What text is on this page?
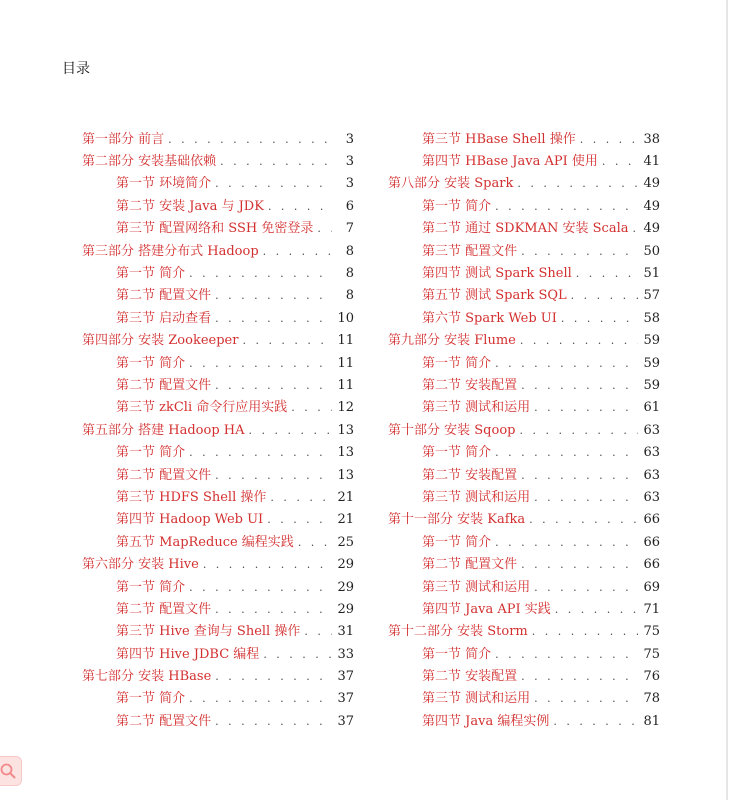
目录
第一部分 前言 . . .	3
第二部分 安装基础依赖 . . .	3
第一节 环境简介 . . .	3
第二节 安装 Java 与 JDK . . .	6
第三节 配置网络和 SSH 免密登录 . . .	7
第三部分 搭建分布式 Hadoop . . .	8
第一节 简介 . . .	8
第二节 配置文件 . . .	8
第三节 启动查看 . . .	10
第四部分 安装 Zookeeper . . .	11
第一节 简介 . . .	11
第二节 配置文件 . . .	11
第三节 zkCli 命令行应用实践 . . .	12
第五部分 搭建 Hadoop HA . . .	13
第一节 简介 . . .	13
第二节 配置文件 . . .	13
第三节 HDFS Shell 操作 . . .	21
第四节 Hadoop Web UI . . .	21
第五节 MapReduce 编程实践 . . .	25
第六部分 安装 Hive . . .	29
第一节 简介 . . .	29
第二节 配置文件 . . .	29
第三节 Hive 查询与 Shell 操作 . . .	31
第四节 Hive JDBC 编程 . . .	33
第七部分 安装 HBase . . .	37
第一节 简介 . . .	37
第二节 配置文件 . . .	37
第三节 HBase Shell 操作 . . .	38
第四节 HBase Java API 使用 . . .	41
第八部分 安装 Spark . . .	49
第一节 简介 . . .	49
第二节 通过 SDKMAN 安装 Scala . . . 49
第三节 配置文件 . . .	50
第四节 测试 Spark Shell . . .	51
第五节 测试 Spark SQL . . .	57
第六节 Spark Web UI . . .	58
第九部分 安装 Flume . . .	59
第一节 简介 . . .	59
第二节 安装配置 . . .	59
第三节 测试和运用 . . .	61
第十部分 安装 Sqoop . . .	63
第一节 简介 . . .	63
第二节 安装配置 . . .	63
第三节 测试和运用 . . .	63
第十一部分 安装 Kafka . . .	66
第一节 简介 . . .	66
第二节 配置文件 . . .	66
第三节 测试和运用 . . .	69
第四节 Java API 实践 . . .	71
第十二部分 安装 Storm . . .	75
第一节 简介 . . .	75
第二节 安装配置 . . .	76
第三节 测试和运用 . . .	78
第四节 Java 编程实例 . . .	81
